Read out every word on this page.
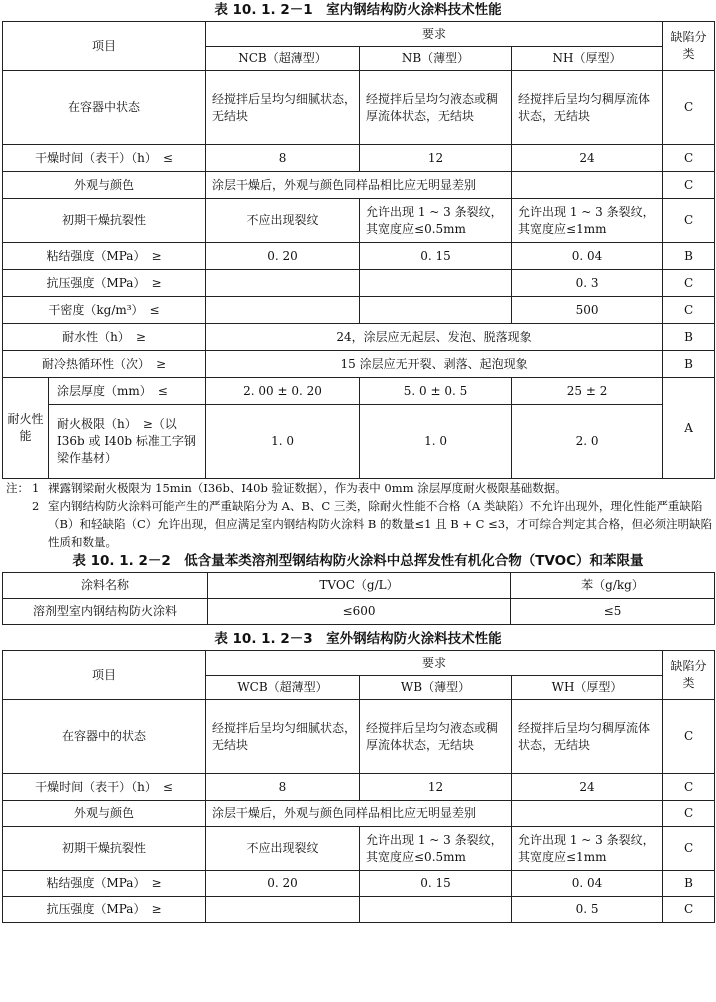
表 10. 1. 2－1　室内钢结构防火涂料技术性能
项目		要求			缺陷分类
		NCB（超薄型）	NB（薄型）	NH（厚型）	
在容器中状态		经搅拌后呈均匀细腻状态，无结块	经搅拌后呈均匀液态或稠厚流体状态，无结块	经搅拌后呈均匀稠厚流体状态，无结块	C
干燥时间（表干）（h）　≤		8	12	24	C
外观与颜色		涂层干燥后，外观与颜色同样品相比应无明显差别			C
初期干燥抗裂性		不应出现裂纹	允许出现 1 ~ 3 条裂纹，其宽度应≤0.5mm	允许出现 1 ~ 3 条裂纹，其宽度应≤1mm	C
粘结强度（MPa）　≥		0. 20	0. 15	0. 04	B
抗压强度（MPa）　≥				0. 3	C
干密度（kg/m³）　≤				500	C
耐水性（h）　≥		24，涂层应无起层、发泡、脱落现象			B
耐冷热循环性（次）　≥		15 涂层应无开裂、剥落、起泡现象			B
耐火性能	涂层厚度（mm）　≤	2. 00 ± 0. 20	5. 0 ± 0. 5	25 ± 2	A
	耐火极限（h）　≥（以 I36b 或 I40b 标准工字钢梁作基材）	1. 0	1. 0	2. 0	
注： 1 裸露钢梁耐火极限为 15min（I36b、I40b 验证数据），作为表中 0mm 涂层厚度耐火极限基础数据。
2 室内钢结构防火涂料可能产生的严重缺陷分为 A、B、C 三类，除耐火性能不合格（A 类缺陷）不允许出现外，理化性能严重缺陷（B）和轻缺陷（C）允许出现，但应满足室内钢结构防火涂料 B 的数量≤1 且 B + C ≤3，才可综合判定其合格，但必须注明缺陷性质和数量。
表 10. 1. 2－2　低含量苯类溶剂型钢结构防火涂料中总挥发性有机化合物（TVOC）和苯限量
涂料名称	TVOC（g/L）	苯（g/kg）
溶剂型室内钢结构防火涂料	≤600	≤5
表 10. 1. 2－3　室外钢结构防火涂料技术性能
项目	要求			缺陷分类
	WCB（超薄型）	WB（薄型）	WH（厚型）	
在容器中的状态	经搅拌后呈均匀细腻状态，无结块	经搅拌后呈均匀液态或稠厚流体状态，无结块	经搅拌后呈均匀稠厚流体状态，无结块	C
干燥时间（表干）（h）　≤	8	12	24	C
外观与颜色	涂层干燥后，外观与颜色同样品相比应无明显差别			C
初期干燥抗裂性	不应出现裂纹	允许出现 1 ~ 3 条裂纹，其宽度应≤0.5mm	允许出现 1 ~ 3 条裂纹，其宽度应≤1mm	C
粘结强度（MPa）　≥	0. 20	0. 15	0. 04	B
抗压强度（MPa）　≥			0. 5	C
